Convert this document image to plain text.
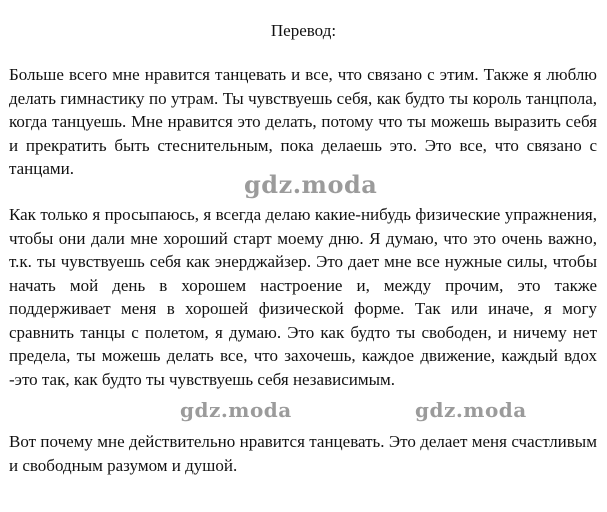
Перевод:

Больше всего мне нравится танцевать и все, что связано с этим. Также я люблю делать гимнастику по утрам. Ты чувствуешь себя, как будто ты король танцпола, когда танцуешь. Мне нравится это делать, потому что ты можешь выразить себя и прекратить быть стеснительным, пока делаешь это. Это все, что связано с танцами.

Как только я просыпаюсь, я всегда делаю какие-нибудь физические упражнения, чтобы они дали мне хороший старт моему дню. Я думаю, что это очень важно, т.к. ты чувствуешь себя как энерджайзер. Это дает мне все нужные силы, чтобы начать мой день в хорошем настроение и, между прочим, это также поддерживает меня в хорошей физической форме. Так или иначе, я могу сравнить танцы с полетом, я думаю. Это как будто ты свободен, и ничему нет предела, ты можешь делать все, что захочешь, каждое движение, каждый вдох -это так, как будто ты чувствуешь себя независимым.

Вот почему мне действительно нравится танцевать. Это делает меня счастливым и свободным разумом и душой.

gdz.moda
gdz.moda	gdz.moda
